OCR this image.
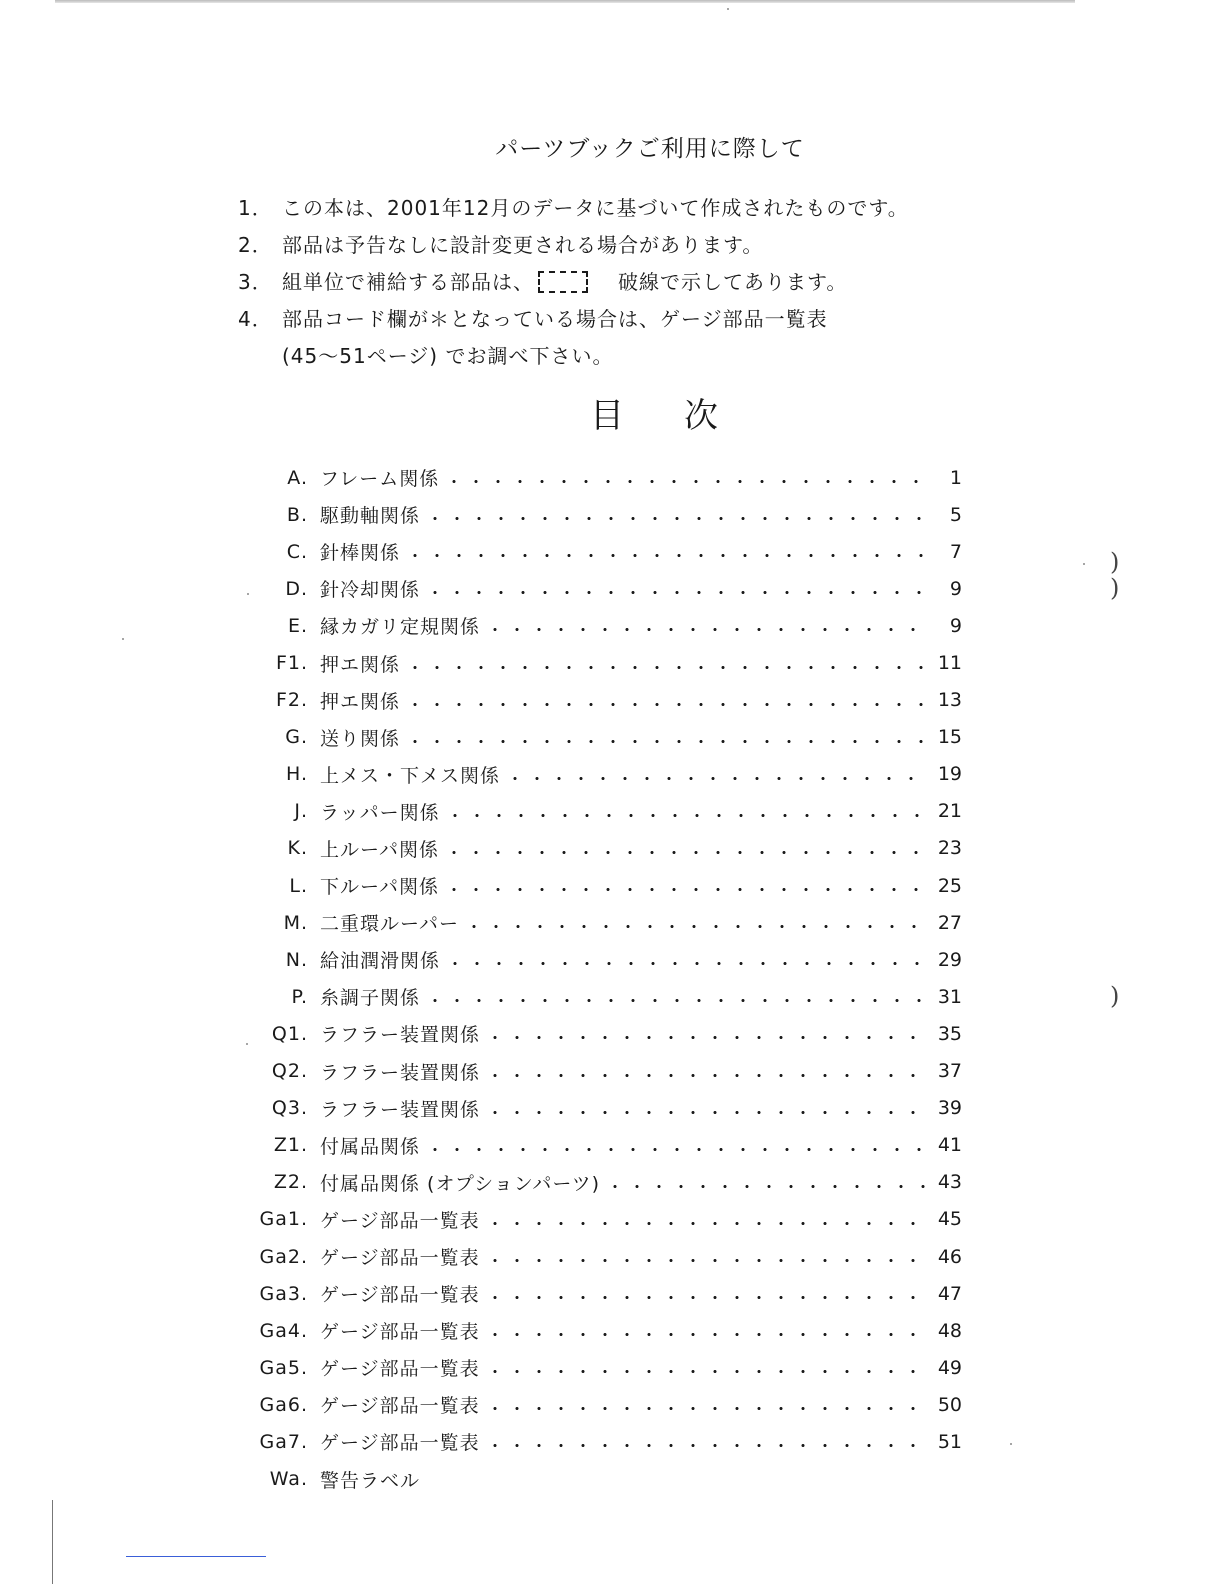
)
)
)
パーツブックご利用に際して
1． この本は、2001年12月のデータに基づいて作成されたものです。
2． 部品は予告なしに設計変更される場合があります。
3． 組単位で補給する部品は、	破線で示してあります。
4． 部品コード欄が＊となっている場合は、ゲージ部品一覧表
(45～51ページ) でお調べ下さい。
目次
A. フレーム関係	1
B. 駆動軸関係	5
C. 針棒関係	7
D. 針冷却関係	9
E. 縁カガリ定規関係	9
F1. 押エ関係	11
F2. 押エ関係	13
G. 送り関係	15
H. 上メス・下メス関係	19
J. ラッパー関係	21
K. 上ルーパ関係	23
L. 下ルーパ関係	25
M. 二重環ルーパー	27
N. 給油潤滑関係	29
P. 糸調子関係	31
Q1. ラフラー装置関係	35
Q2. ラフラー装置関係	37
Q3. ラフラー装置関係	39
Z1. 付属品関係	41
Z2. 付属品関係 (オプションパーツ)	43
Ga1. ゲージ部品一覧表	45
Ga2. ゲージ部品一覧表	46
Ga3. ゲージ部品一覧表	47
Ga4. ゲージ部品一覧表	48
Ga5. ゲージ部品一覧表	49
Ga6. ゲージ部品一覧表	50
Ga7. ゲージ部品一覧表	51
Wa. 警告ラベル
